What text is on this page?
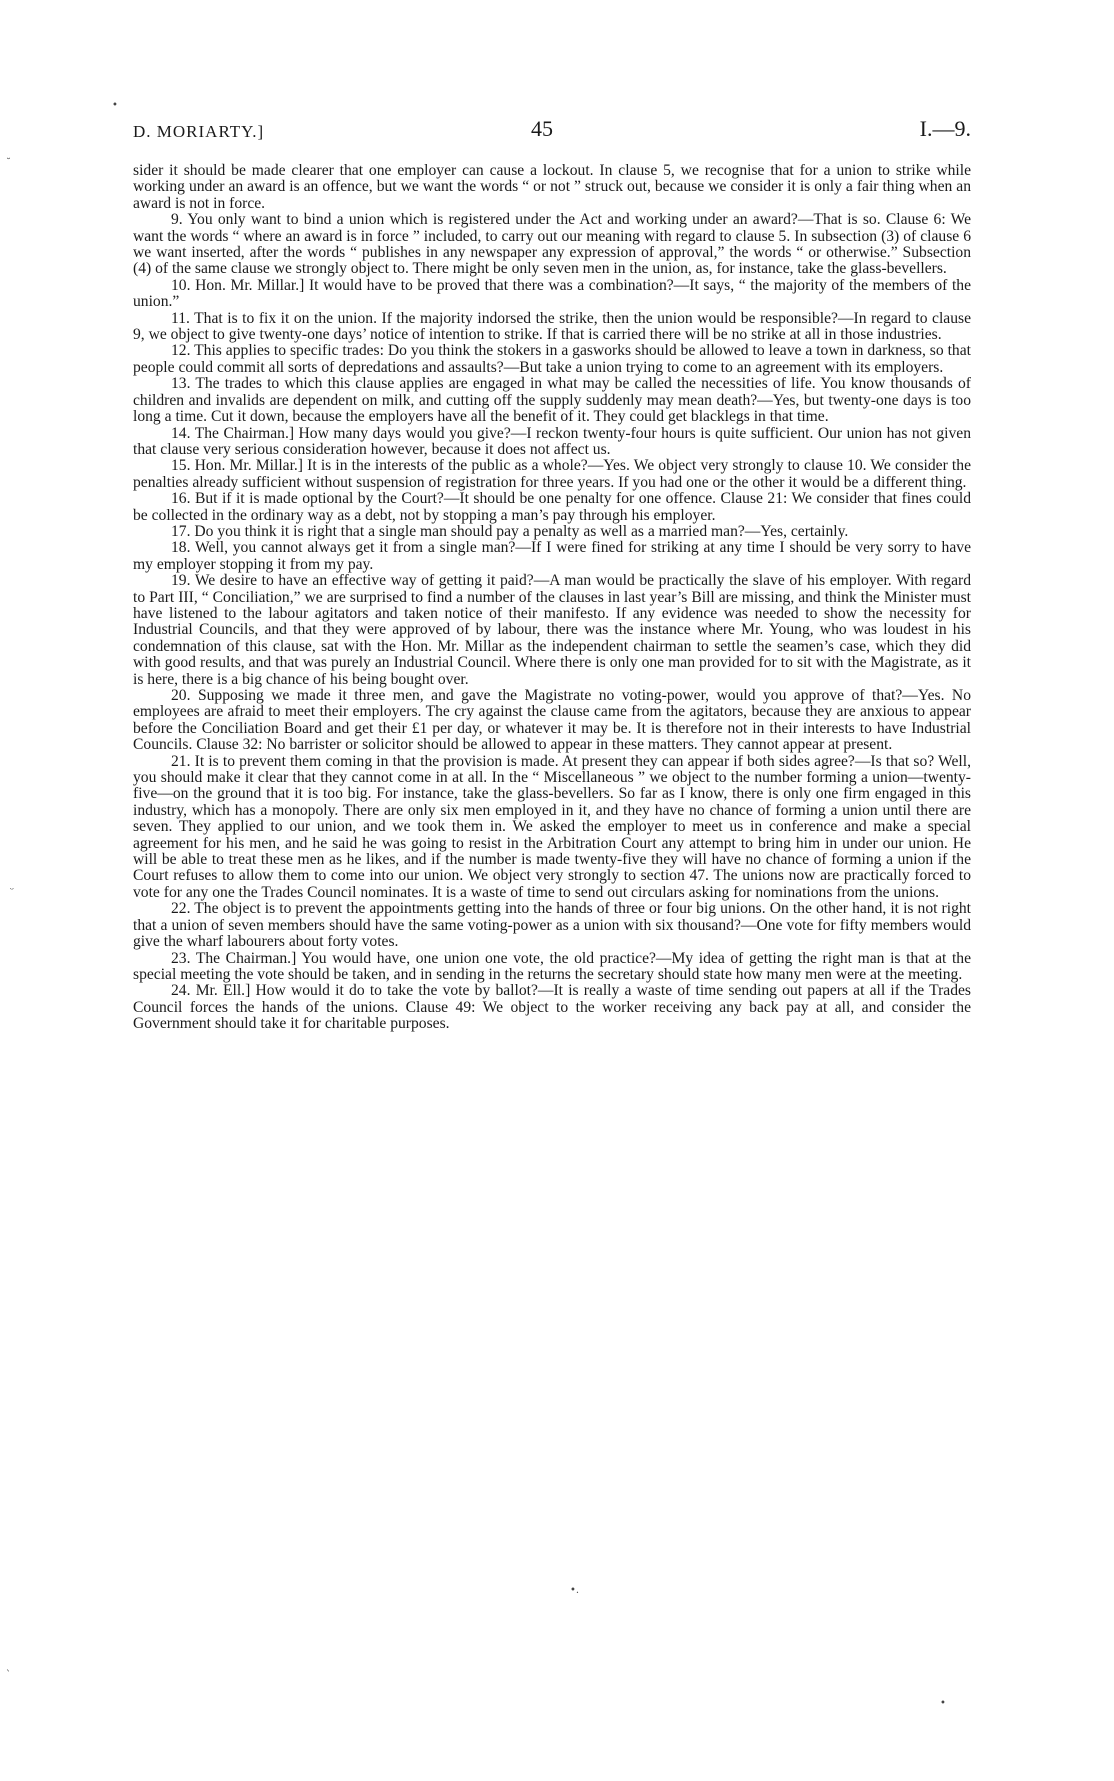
D. MORIARTY.]	45	I.—9.

sider it should be made clearer that one employer can cause a lockout. In clause 5, we recognise that for a union to strike while working under an award is an offence, but we want the words “ or not ” struck out, because we consider it is only a fair thing when an award is not in force.

9. You only want to bind a union which is registered under the Act and working under an award?—That is so. Clause 6: We want the words “ where an award is in force ” included, to carry out our meaning with regard to clause 5. In subsection (3) of clause 6 we want inserted, after the words “ publishes in any newspaper any expression of approval,” the words “ or otherwise.” Subsection (4) of the same clause we strongly object to. There might be only seven men in the union, as, for instance, take the glass-bevellers.

10. Hon. Mr. Millar.] It would have to be proved that there was a combination?—It says, “ the majority of the members of the union.”

11. That is to fix it on the union. If the majority indorsed the strike, then the union would be responsible?—In regard to clause 9, we object to give twenty-one days’ notice of intention to strike. If that is carried there will be no strike at all in those industries.

12. This applies to specific trades: Do you think the stokers in a gasworks should be allowed to leave a town in darkness, so that people could commit all sorts of depredations and assaults?—But take a union trying to come to an agreement with its employers.

13. The trades to which this clause applies are engaged in what may be called the necessities of life. You know thousands of children and invalids are dependent on milk, and cutting off the supply suddenly may mean death?—Yes, but twenty-one days is too long a time. Cut it down, because the employers have all the benefit of it. They could get blacklegs in that time.

14. The Chairman.] How many days would you give?—I reckon twenty-four hours is quite sufficient. Our union has not given that clause very serious consideration however, because it does not affect us.

15. Hon. Mr. Millar.] It is in the interests of the public as a whole?—Yes. We object very strongly to clause 10. We consider the penalties already sufficient without suspension of registration for three years. If you had one or the other it would be a different thing.

16. But if it is made optional by the Court?—It should be one penalty for one offence. Clause 21: We consider that fines could be collected in the ordinary way as a debt, not by stopping a man’s pay through his employer.

17. Do you think it is right that a single man should pay a penalty as well as a married man?—Yes, certainly.

18. Well, you cannot always get it from a single man?—If I were fined for striking at any time I should be very sorry to have my employer stopping it from my pay.

19. We desire to have an effective way of getting it paid?—A man would be practically the slave of his employer. With regard to Part III, “ Conciliation,” we are surprised to find a number of the clauses in last year’s Bill are missing, and think the Minister must have listened to the labour agitators and taken notice of their manifesto. If any evidence was needed to show the necessity for Industrial Councils, and that they were approved of by labour, there was the instance where Mr. Young, who was loudest in his condemnation of this clause, sat with the Hon. Mr. Millar as the independent chairman to settle the seamen’s case, which they did with good results, and that was purely an Industrial Council. Where there is only one man provided for to sit with the Magistrate, as it is here, there is a big chance of his being bought over.

20. Supposing we made it three men, and gave the Magistrate no voting-power, would you approve of that?—Yes. No employees are afraid to meet their employers. The cry against the clause came from the agitators, because they are anxious to appear before the Conciliation Board and get their £1 per day, or whatever it may be. It is therefore not in their interests to have Industrial Councils. Clause 32: No barrister or solicitor should be allowed to appear in these matters. They cannot appear at present.

21. It is to prevent them coming in that the provision is made. At present they can appear if both sides agree?—Is that so? Well, you should make it clear that they cannot come in at all. In the “ Miscellaneous ” we object to the number forming a union—twenty-five—on the ground that it is too big. For instance, take the glass-bevellers. So far as I know, there is only one firm engaged in this industry, which has a monopoly. There are only six men employed in it, and they have no chance of forming a union until there are seven. They applied to our union, and we took them in. We asked the employer to meet us in conference and make a special agreement for his men, and he said he was going to resist in the Arbitration Court any attempt to bring him in under our union. He will be able to treat these men as he likes, and if the number is made twenty-five they will have no chance of forming a union if the Court refuses to allow them to come into our union. We object very strongly to section 47. The unions now are practically forced to vote for any one the Trades Council nominates. It is a waste of time to send out circulars asking for nominations from the unions.

22. The object is to prevent the appointments getting into the hands of three or four big unions. On the other hand, it is not right that a union of seven members should have the same voting-power as a union with six thousand?—One vote for fifty members would give the wharf labourers about forty votes.

23. The Chairman.] You would have, one union one vote, the old practice?—My idea of getting the right man is that at the special meeting the vote should be taken, and in sending in the returns the secretary should state how many men were at the meeting.

24. Mr. Ell.] How would it do to take the vote by ballot?—It is really a waste of time sending out papers at all if the Trades Council forces the hands of the unions. Clause 49: We object to the worker receiving any back pay at all, and consider the Government should take it for charitable purposes.

•
˘
ᵕ
ˋ
•.
•
